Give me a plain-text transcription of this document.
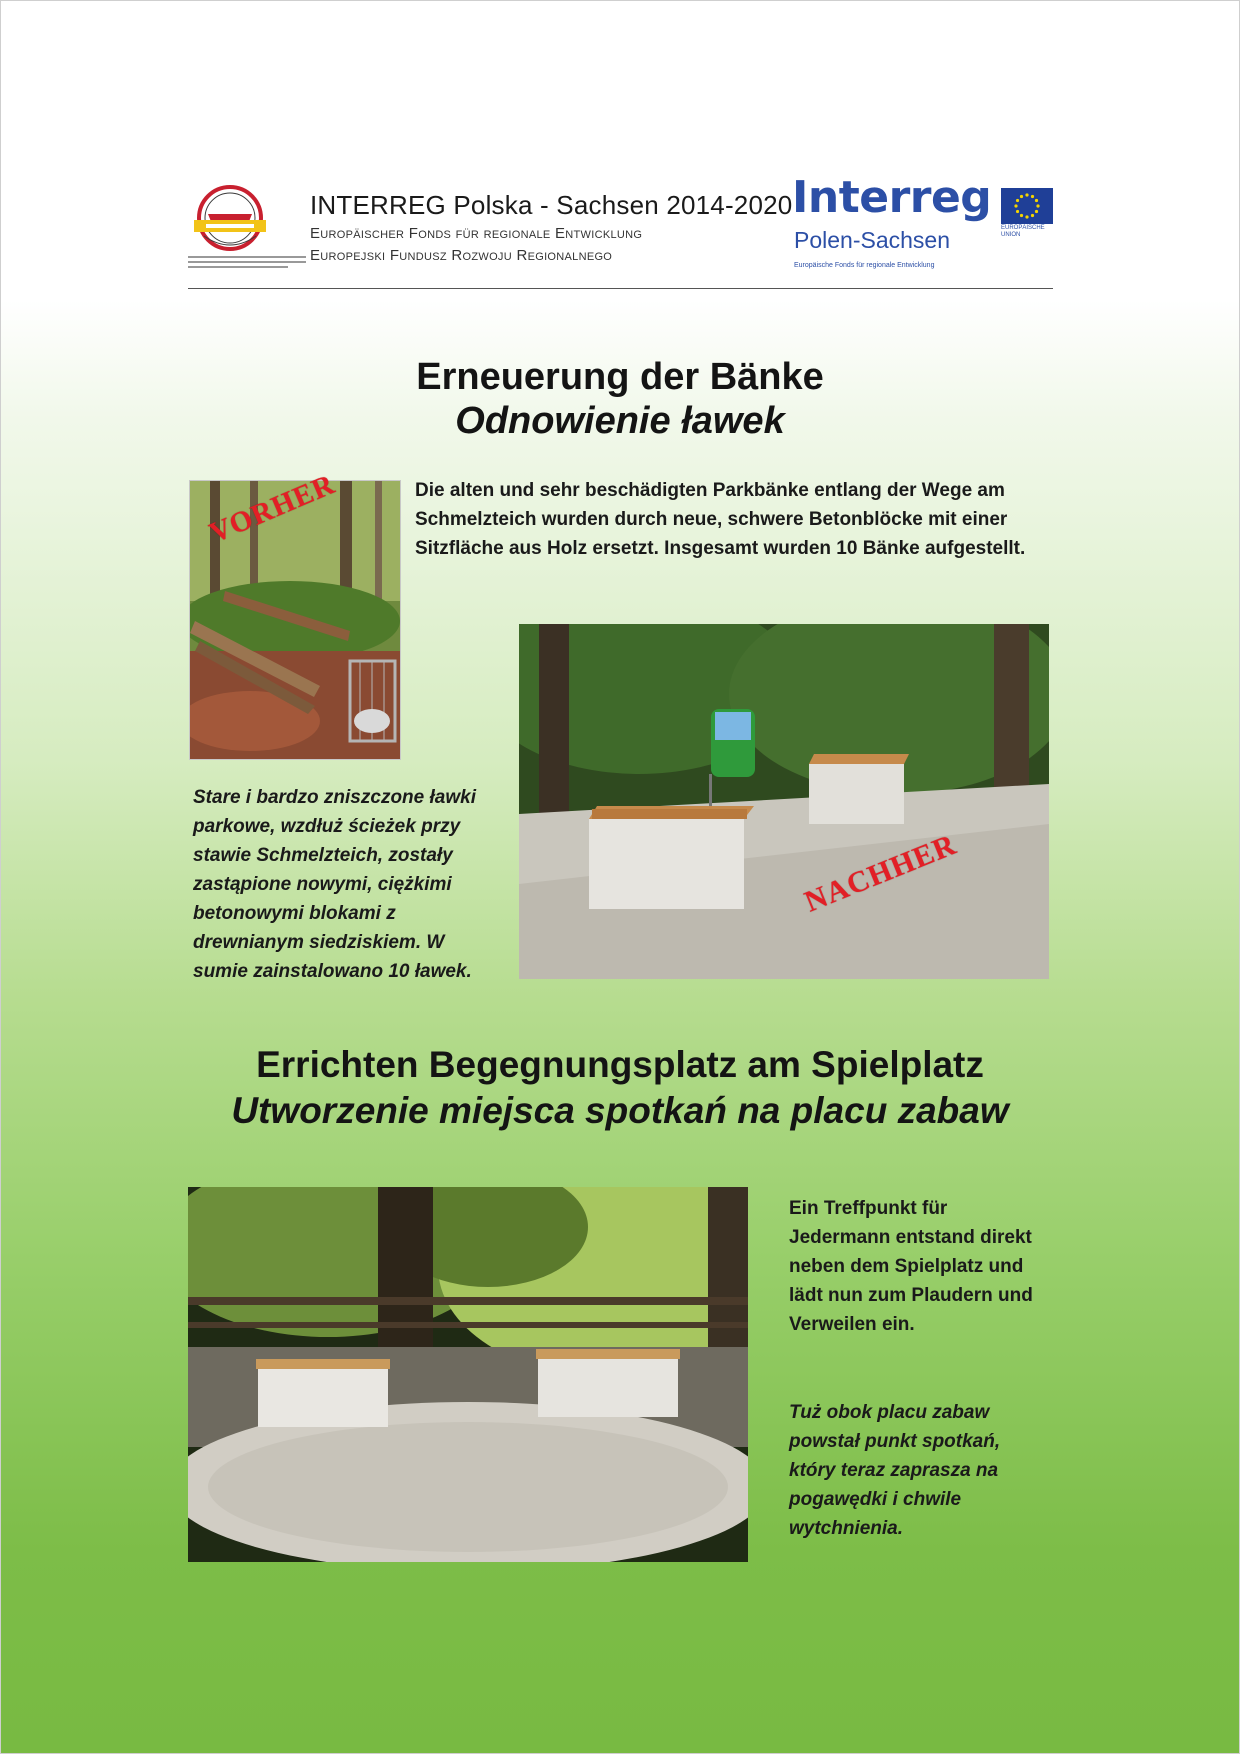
INTERREG Polska - Sachsen 2014-2020
Europäischer Fonds für regionale Entwicklung
Europejski Fundusz Rozwoju Regionalnego
Interreg
Polen-Sachsen
Europäische Fonds für regionale Entwicklung
EUROPÄISCHE UNION
Erneuerung der Bänke
Odnowienie ławek
VORHER	Die alten und sehr beschädigten Parkbänke entlang der Wege am Schmelzteich wurden durch neue, schwere Betonblöcke mit einer Sitzfläche aus Holz ersetzt. Insgesamt wurden 10 Bänke aufgestellt.

NACHHER

Stare i bardzo zniszczone ławki parkowe, wzdłuż ścieżek przy stawie Schmelzteich, zostały zastąpione nowymi, ciężkimi betonowymi blokami z drewnianym siedziskiem. W sumie zainstalowano 10 ławek.

Errichten Begegnungsplatz am Spielplatz
Utworzenie miejsca spotkań na placu zabaw

Ein Treffpunkt für Jedermann entstand direkt neben dem Spielplatz und lädt nun zum Plaudern und Verweilen ein.

Tuż obok placu zabaw powstał punkt spotkań, który teraz zaprasza na pogawędki i chwile wytchnienia.
